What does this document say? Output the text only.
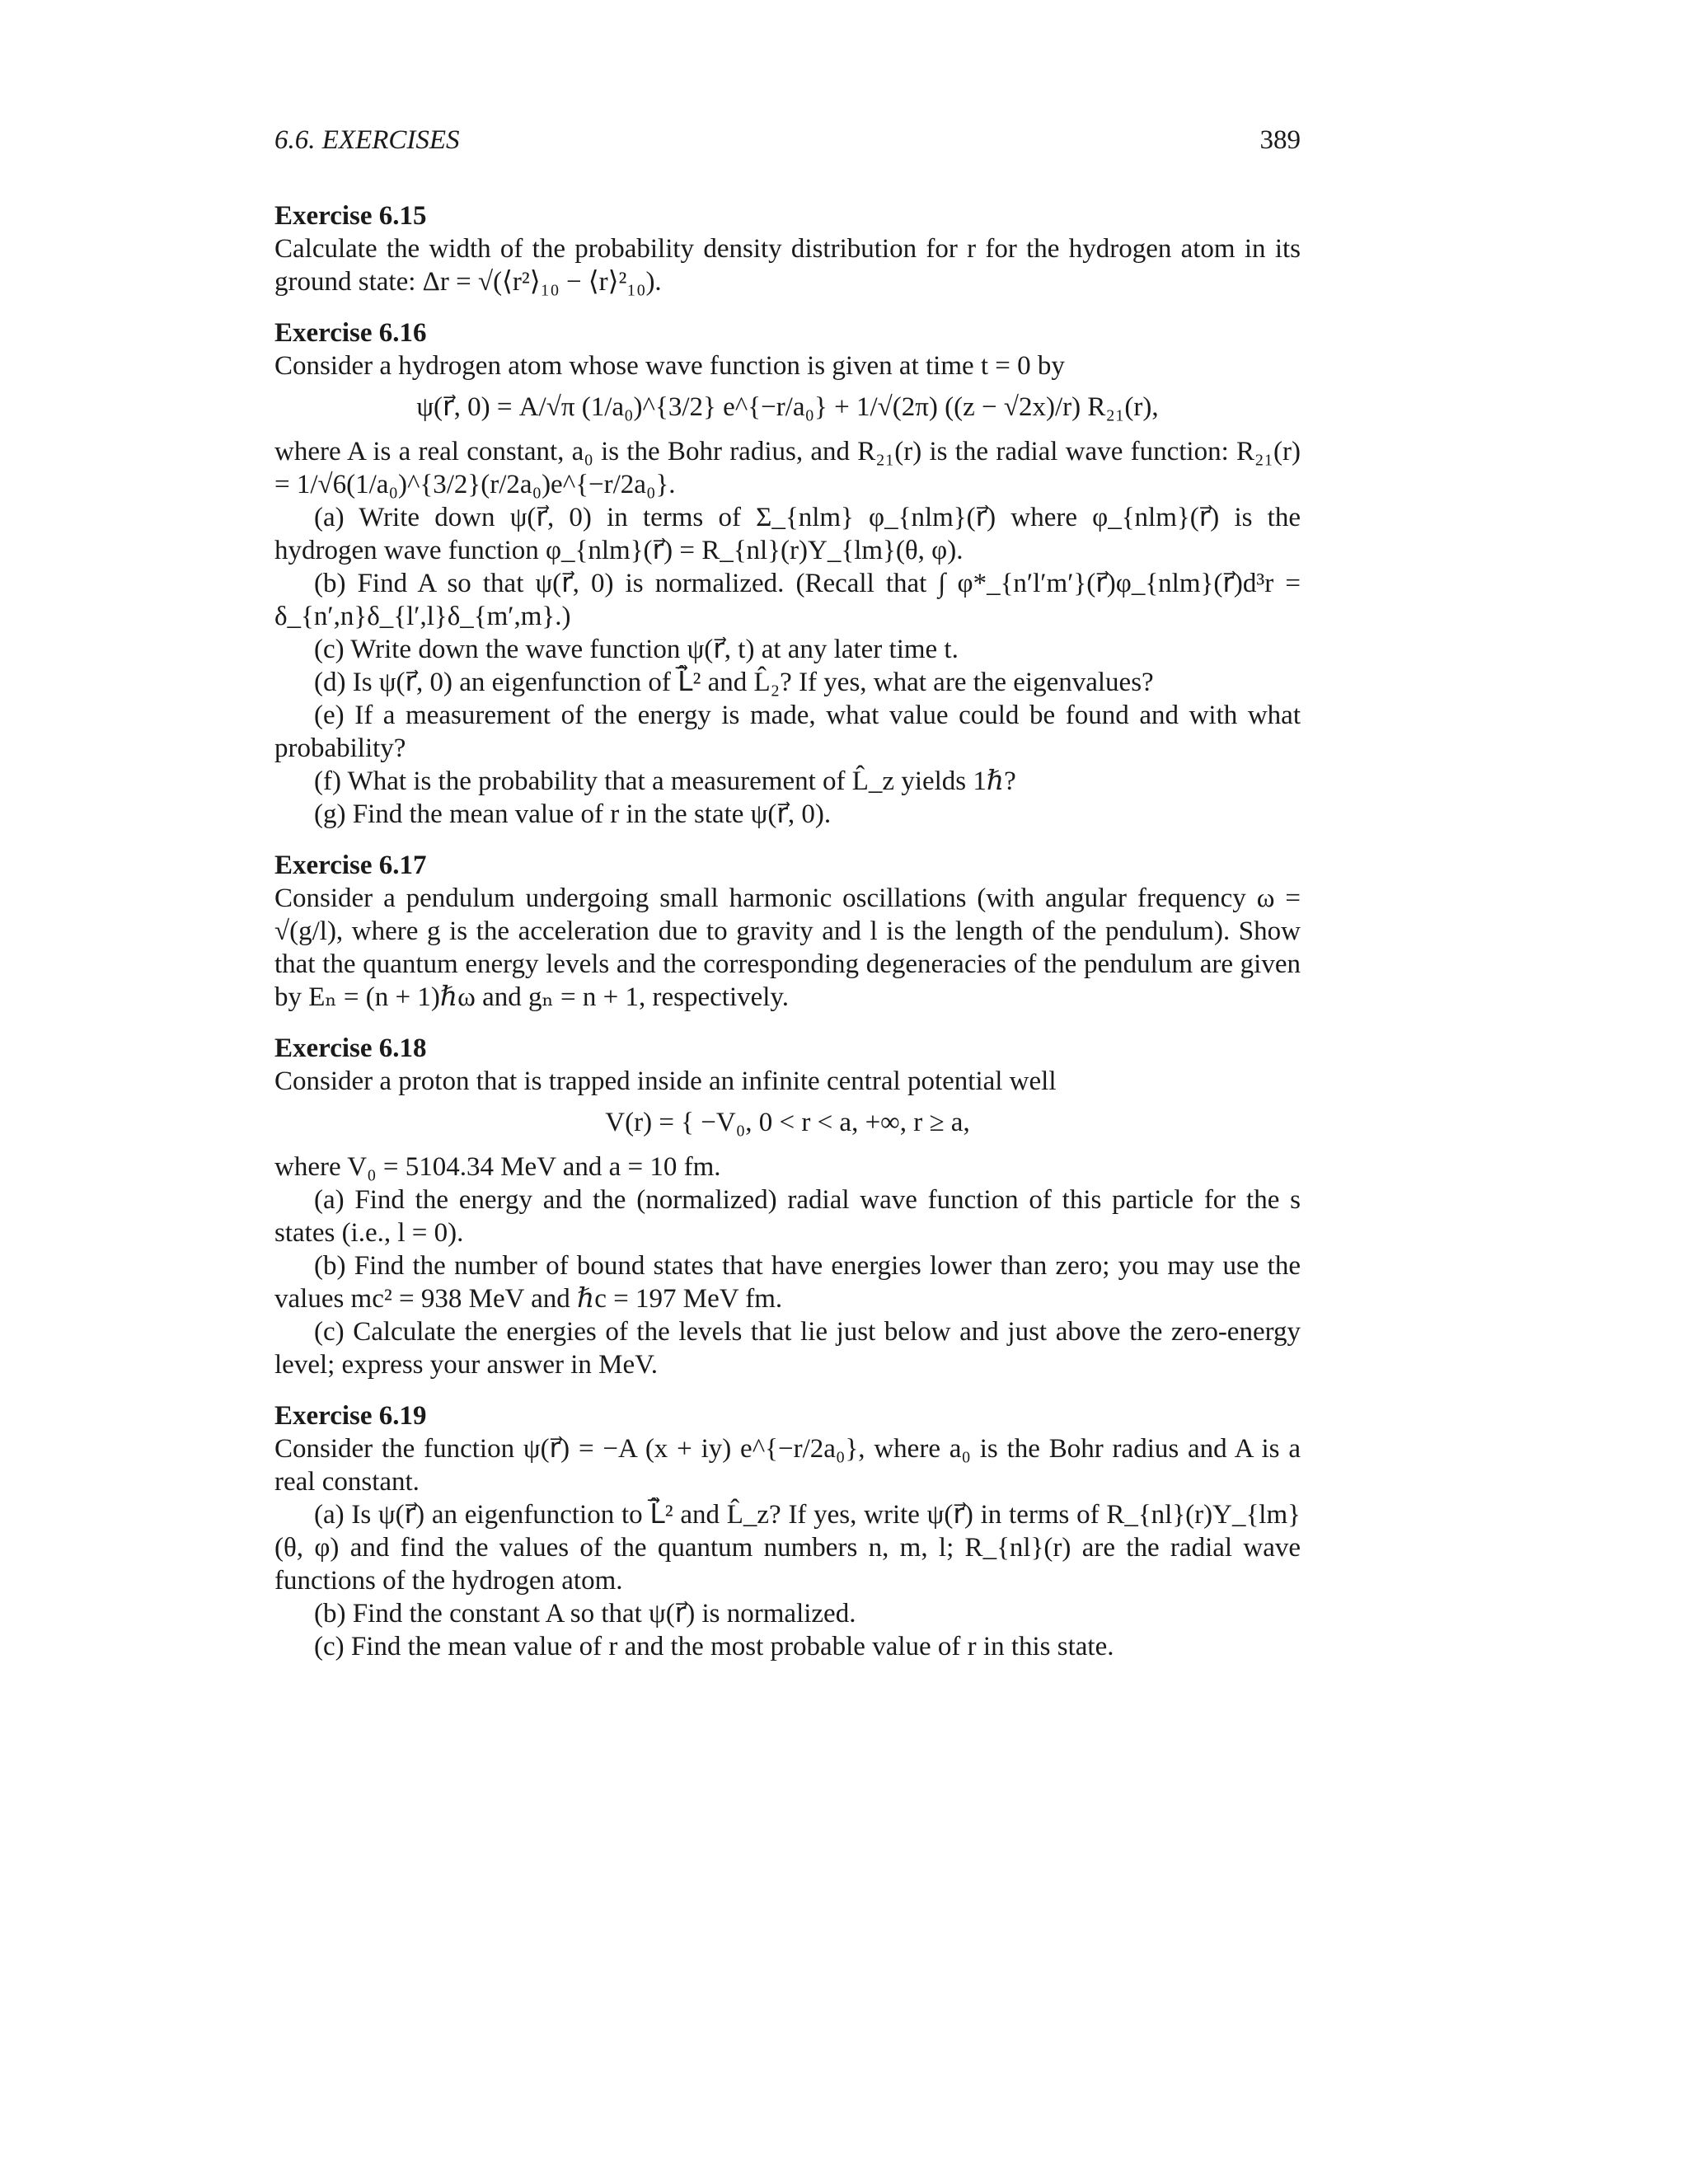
6.6. EXERCISES	389
Exercise 6.15

Calculate the width of the probability density distribution for r for the hydrogen atom in its ground state: Δr = √(⟨r²⟩₁₀ − ⟨r⟩²₁₀).

Exercise 6.16

Consider a hydrogen atom whose wave function is given at time t = 0 by

ψ(r⃗, 0) = A/√π (1/a₀)^{3/2} e^{−r/a₀} + 1/√(2π) ((z − √2x)/r) R₂₁(r),

where A is a real constant, a₀ is the Bohr radius, and R₂₁(r) is the radial wave function: R₂₁(r) = 1/√6(1/a₀)^{3/2}(r/2a₀)e^{−r/2a₀}.

(a) Write down ψ(r⃗, 0) in terms of Σ_{nlm} φ_{nlm}(r⃗) where φ_{nlm}(r⃗) is the hydrogen wave function φ_{nlm}(r⃗) = R_{nl}(r)Y_{lm}(θ, φ).

(b) Find A so that ψ(r⃗, 0) is normalized. (Recall that ∫ φ*_{n′l′m′}(r⃗)φ_{nlm}(r⃗)d³r = δ_{n′,n}δ_{l′,l}δ_{m′,m}.)

(c) Write down the wave function ψ(r⃗, t) at any later time t.

(d) Is ψ(r⃗, 0) an eigenfunction of L̂⃗² and L̂₂? If yes, what are the eigenvalues?

(e) If a measurement of the energy is made, what value could be found and with what probability?

(f) What is the probability that a measurement of L̂_z yields 1ℏ?

(g) Find the mean value of r in the state ψ(r⃗, 0).

Exercise 6.17

Consider a pendulum undergoing small harmonic oscillations (with angular frequency ω = √(g/l), where g is the acceleration due to gravity and l is the length of the pendulum). Show that the quantum energy levels and the corresponding degeneracies of the pendulum are given by Eₙ = (n + 1)ℏω and gₙ = n + 1, respectively.

Exercise 6.18

Consider a proton that is trapped inside an infinite central potential well

V(r) = { −V₀, 0 < r < a, +∞, r ≥ a,

where V₀ = 5104.34 MeV and a = 10 fm.

(a) Find the energy and the (normalized) radial wave function of this particle for the s states (i.e., l = 0).

(b) Find the number of bound states that have energies lower than zero; you may use the values mc² = 938 MeV and ℏc = 197 MeV fm.

(c) Calculate the energies of the levels that lie just below and just above the zero-energy level; express your answer in MeV.

Exercise 6.19

Consider the function ψ(r⃗) = −A (x + iy) e^{−r/2a₀}, where a₀ is the Bohr radius and A is a real constant.

(a) Is ψ(r⃗) an eigenfunction to L̂⃗² and L̂_z? If yes, write ψ(r⃗) in terms of R_{nl}(r)Y_{lm}(θ, φ) and find the values of the quantum numbers n, m, l; R_{nl}(r) are the radial wave functions of the hydrogen atom.

(b) Find the constant A so that ψ(r⃗) is normalized.

(c) Find the mean value of r and the most probable value of r in this state.
